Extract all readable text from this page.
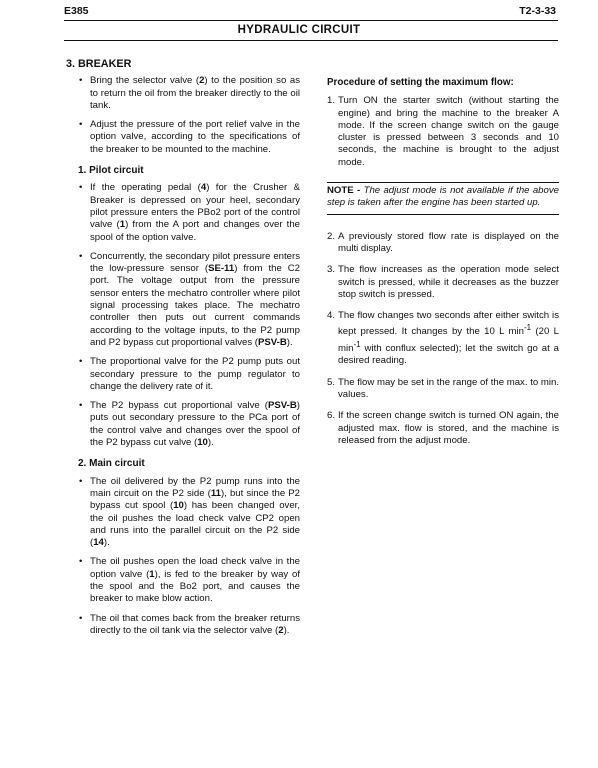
E385	T2-3-33
HYDRAULIC CIRCUIT
3. BREAKER
• Bring the selector valve (2) to the position so as to return the oil from the breaker directly to the oil tank.
• Adjust the pressure of the port relief valve in the option valve, according to the specifications of the breaker to be mounted to the machine.
1. Pilot circuit
• If the operating pedal (4) for the Crusher & Breaker is depressed on your heel, secondary pilot pressure enters the PBo2 port of the control valve (1) from the A port and changes over the spool of the option valve.
• Concurrently, the secondary pilot pressure enters the low-pressure sensor (SE-11) from the C2 port. The voltage output from the pressure sensor enters the mechatro controller where pilot signal processing takes place. The mechatro controller then puts out current commands according to the voltage inputs, to the P2 pump and P2 bypass cut proportional valves (PSV-B).
• The proportional valve for the P2 pump puts out secondary pressure to the pump regulator to change the delivery rate of it.
• The P2 bypass cut proportional valve (PSV-B) puts out secondary pressure to the PCa port of the control valve and changes over the spool of the P2 bypass cut valve (10).
2. Main circuit
• The oil delivered by the P2 pump runs into the main circuit on the P2 side (11), but since the P2 bypass cut spool (10) has been changed over, the oil pushes the load check valve CP2 open and runs into the parallel circuit on the P2 side (14).
• The oil pushes open the load check valve in the option valve (1), is fed to the breaker by way of the spool and the Bo2 port, and causes the breaker to make blow action.
• The oil that comes back from the breaker returns directly to the oil tank via the selector valve (2).
Procedure of setting the maximum flow:
1. Turn ON the starter switch (without starting the engine) and bring the machine to the breaker A mode. If the screen change switch on the gauge cluster is pressed between 3 seconds and 10 seconds, the machine is brought to the adjust mode.
NOTE - The adjust mode is not available if the above step is taken after the engine has been started up.
2. A previously stored flow rate is displayed on the multi display.
3. The flow increases as the operation mode select switch is pressed, while it decreases as the buzzer stop switch is pressed.
4. The flow changes two seconds after either switch is kept pressed. It changes by the 10 L $\min^{-1} (20$ L $\min^{-1}$ with conflux selected); let the switch go at a desired reading.
5. The flow may be set in the range of the max. to min. values.
6. If the screen change switch is turned ON again, the adjusted max. flow is stored, and the machine is released from the adjust mode.
